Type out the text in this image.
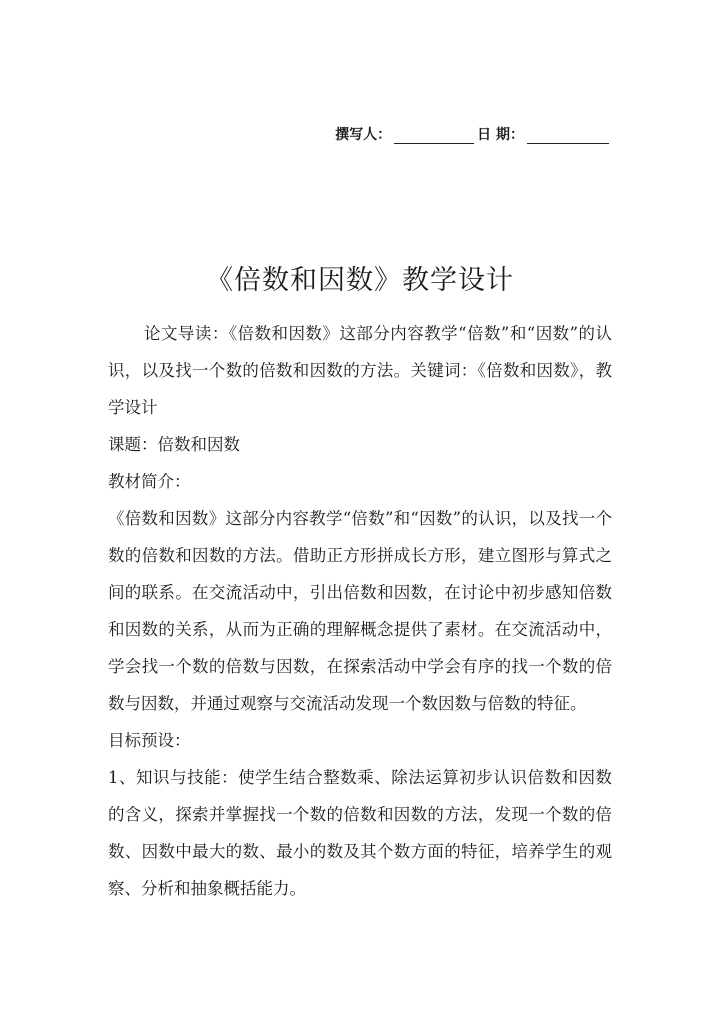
撰写人：	日 期：
《倍数和因数》教学设计

论文导读：《倍数和因数》这部分内容教学“倍数”和“因数”的认识，以及找一个数的倍数和因数的方法。关键词：《倍数和因数》，教学设计

课题：倍数和因数

教材简介：

《倍数和因数》这部分内容教学“倍数”和“因数”的认识，以及找一个数的倍数和因数的方法。借助正方形拼成长方形，建立图形与算式之间的联系。在交流活动中，引出倍数和因数，在讨论中初步感知倍数和因数的关系，从而为正确的理解概念提供了素材。在交流活动中，学会找一个数的倍数与因数，在探索活动中学会有序的找一个数的倍数与因数，并通过观察与交流活动发现一个数因数与倍数的特征。

目标预设：

1、知识与技能：使学生结合整数乘、除法运算初步认识倍数和因数的含义，探索并掌握找一个数的倍数和因数的方法，发现一个数的倍数、因数中最大的数、最小的数及其个数方面的特征，培养学生的观察、分析和抽象概括能力。
